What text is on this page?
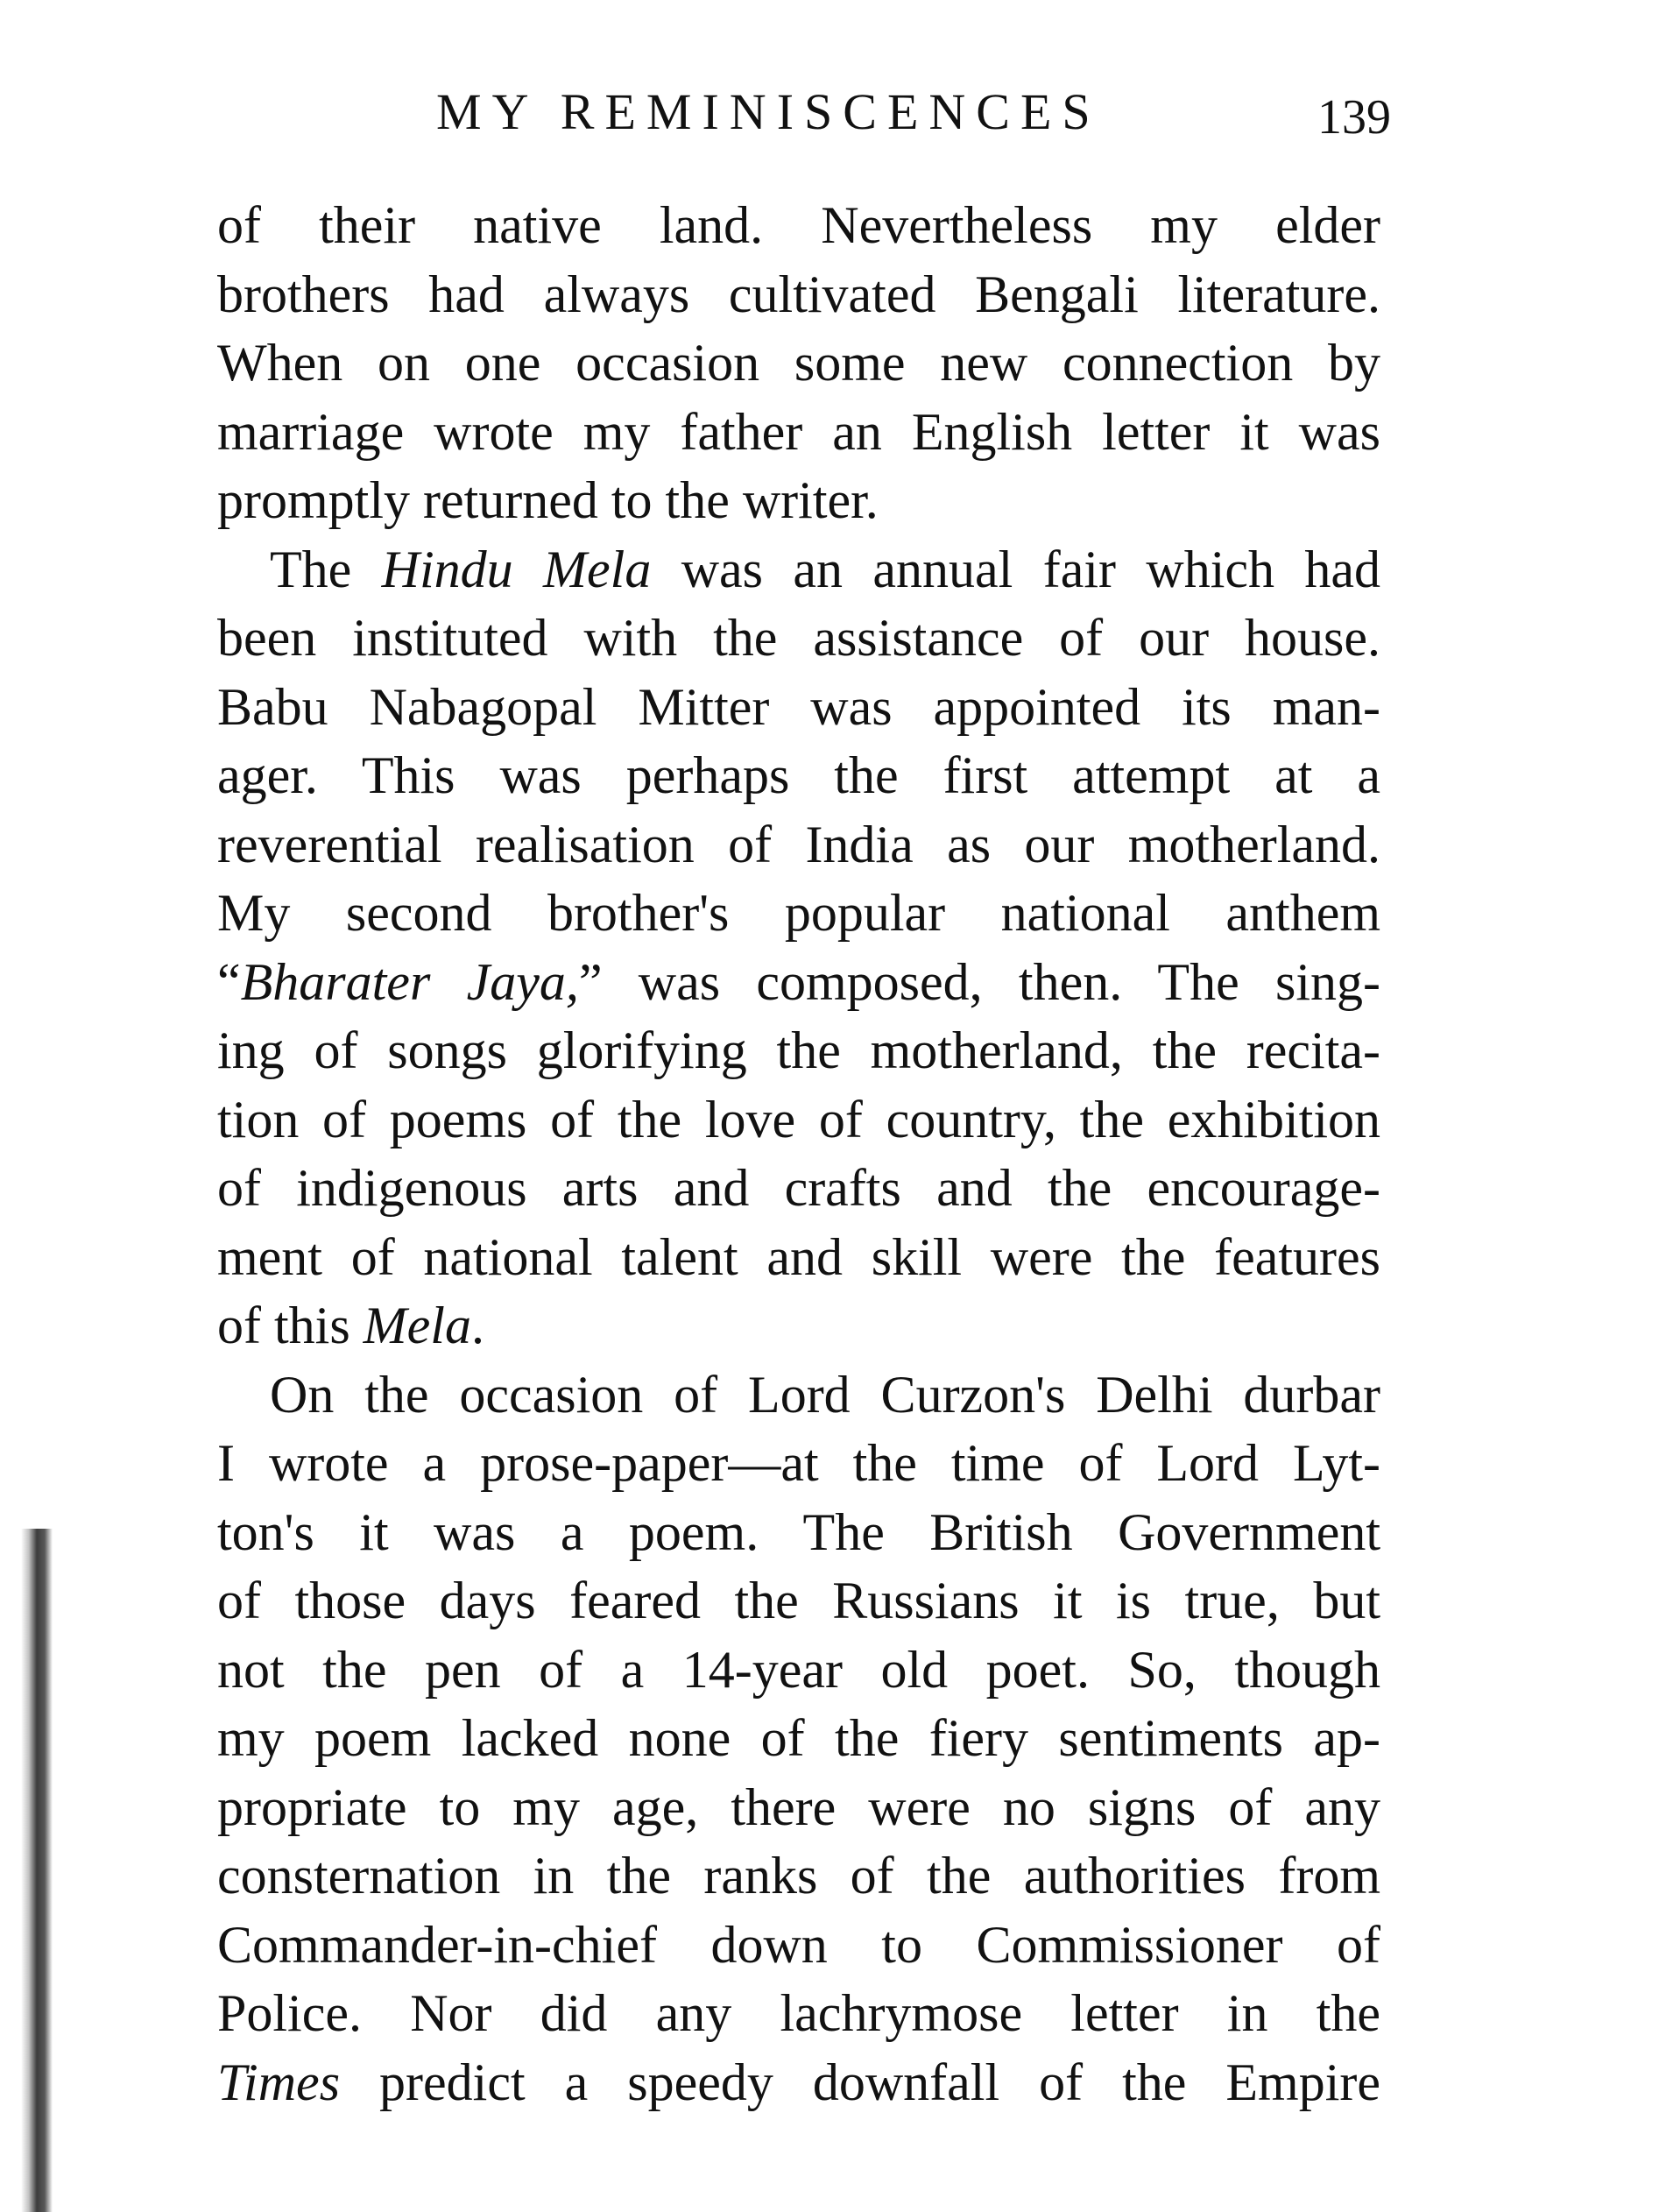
MY REMINISCENCES	139
of their native land. Nevertheless my elder
brothers had always cultivated Bengali literature.
When on one occasion some new connection by
marriage wrote my father an English letter it was
promptly returned to the writer.
The Hindu Mela was an annual fair which had
been instituted with the assistance of our house.
Babu Nabagopal Mitter was appointed its man-
ager. This was perhaps the first attempt at a
reverential realisation of India as our motherland.
My second brother's popular national anthem
“Bharater Jaya,” was composed, then. The sing-
ing of songs glorifying the motherland, the recita-
tion of poems of the love of country, the exhibition
of indigenous arts and crafts and the encourage-
ment of national talent and skill were the features
of this Mela.
On the occasion of Lord Curzon's Delhi durbar
I wrote a prose-paper—at the time of Lord Lyt-
ton's it was a poem. The British Government
of those days feared the Russians it is true, but
not the pen of a 14-year old poet. So, though
my poem lacked none of the fiery sentiments ap-
propriate to my age, there were no signs of any
consternation in the ranks of the authorities from
Commander-in-chief down to Commissioner of
Police. Nor did any lachrymose letter in the
Times predict a speedy downfall of the Empire
